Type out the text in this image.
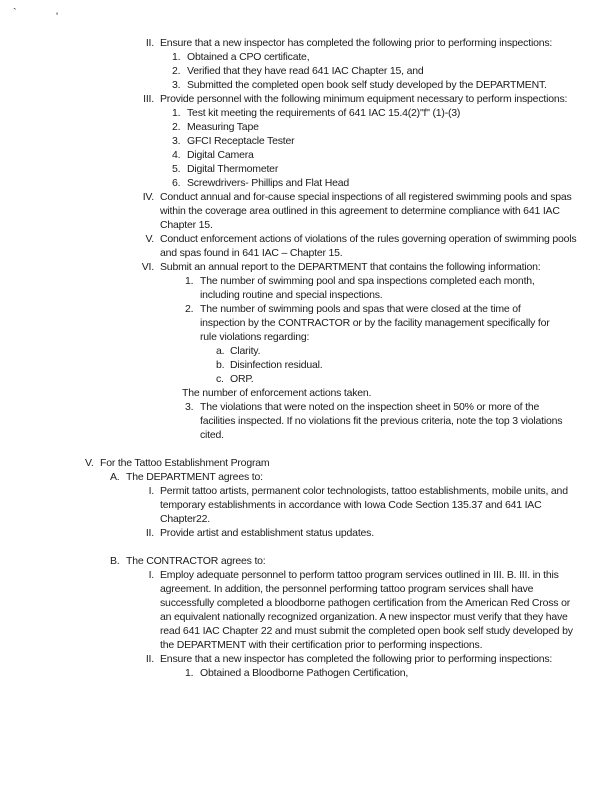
`	'
II. Ensure that a new inspector has completed the following prior to performing inspections:
1. Obtained a CPO certificate,
2. Verified that they have read 641 IAC Chapter 15, and
3. Submitted the completed open book self study developed by the DEPARTMENT.
III. Provide personnel with the following minimum equipment necessary to perform inspections:
1. Test kit meeting the requirements of 641 IAC 15.4(2)"f" (1)-(3)
2. Measuring Tape
3. GFCI Receptacle Tester
4. Digital Camera
5. Digital Thermometer
6. Screwdrivers- Phillips and Flat Head
IV. Conduct annual and for-cause special inspections of all registered swimming pools and spas within the coverage area outlined in this agreement to determine compliance with 641 IAC Chapter 15.
V. Conduct enforcement actions of violations of the rules governing operation of swimming pools and spas found in 641 IAC – Chapter 15.
VI. Submit an annual report to the DEPARTMENT that contains the following information:
1. The number of swimming pool and spa inspections completed each month, including routine and special inspections.
2. The number of swimming pools and spas that were closed at the time of inspection by the CONTRACTOR or by the facility management specifically for rule violations regarding:
a. Clarity.
b. Disinfection residual.
c. ORP.
The number of enforcement actions taken.
3. The violations that were noted on the inspection sheet in 50% or more of the facilities inspected. If no violations fit the previous criteria, note the top 3 violations cited.
V. For the Tattoo Establishment Program
A. The DEPARTMENT agrees to:
I. Permit tattoo artists, permanent color technologists, tattoo establishments, mobile units, and temporary establishments in accordance with Iowa Code Section 135.37 and 641 IAC Chapter22.
II. Provide artist and establishment status updates.
B. The CONTRACTOR agrees to:
I. Employ adequate personnel to perform tattoo program services outlined in III. B. III. in this agreement. In addition, the personnel performing tattoo program services shall have successfully completed a bloodborne pathogen certification from the American Red Cross or an equivalent nationally recognized organization. A new inspector must verify that they have read 641 IAC Chapter 22 and must submit the completed open book self study developed by the DEPARTMENT with their certification prior to performing inspections.
II. Ensure that a new inspector has completed the following prior to performing inspections:
1. Obtained a Bloodborne Pathogen Certification,
